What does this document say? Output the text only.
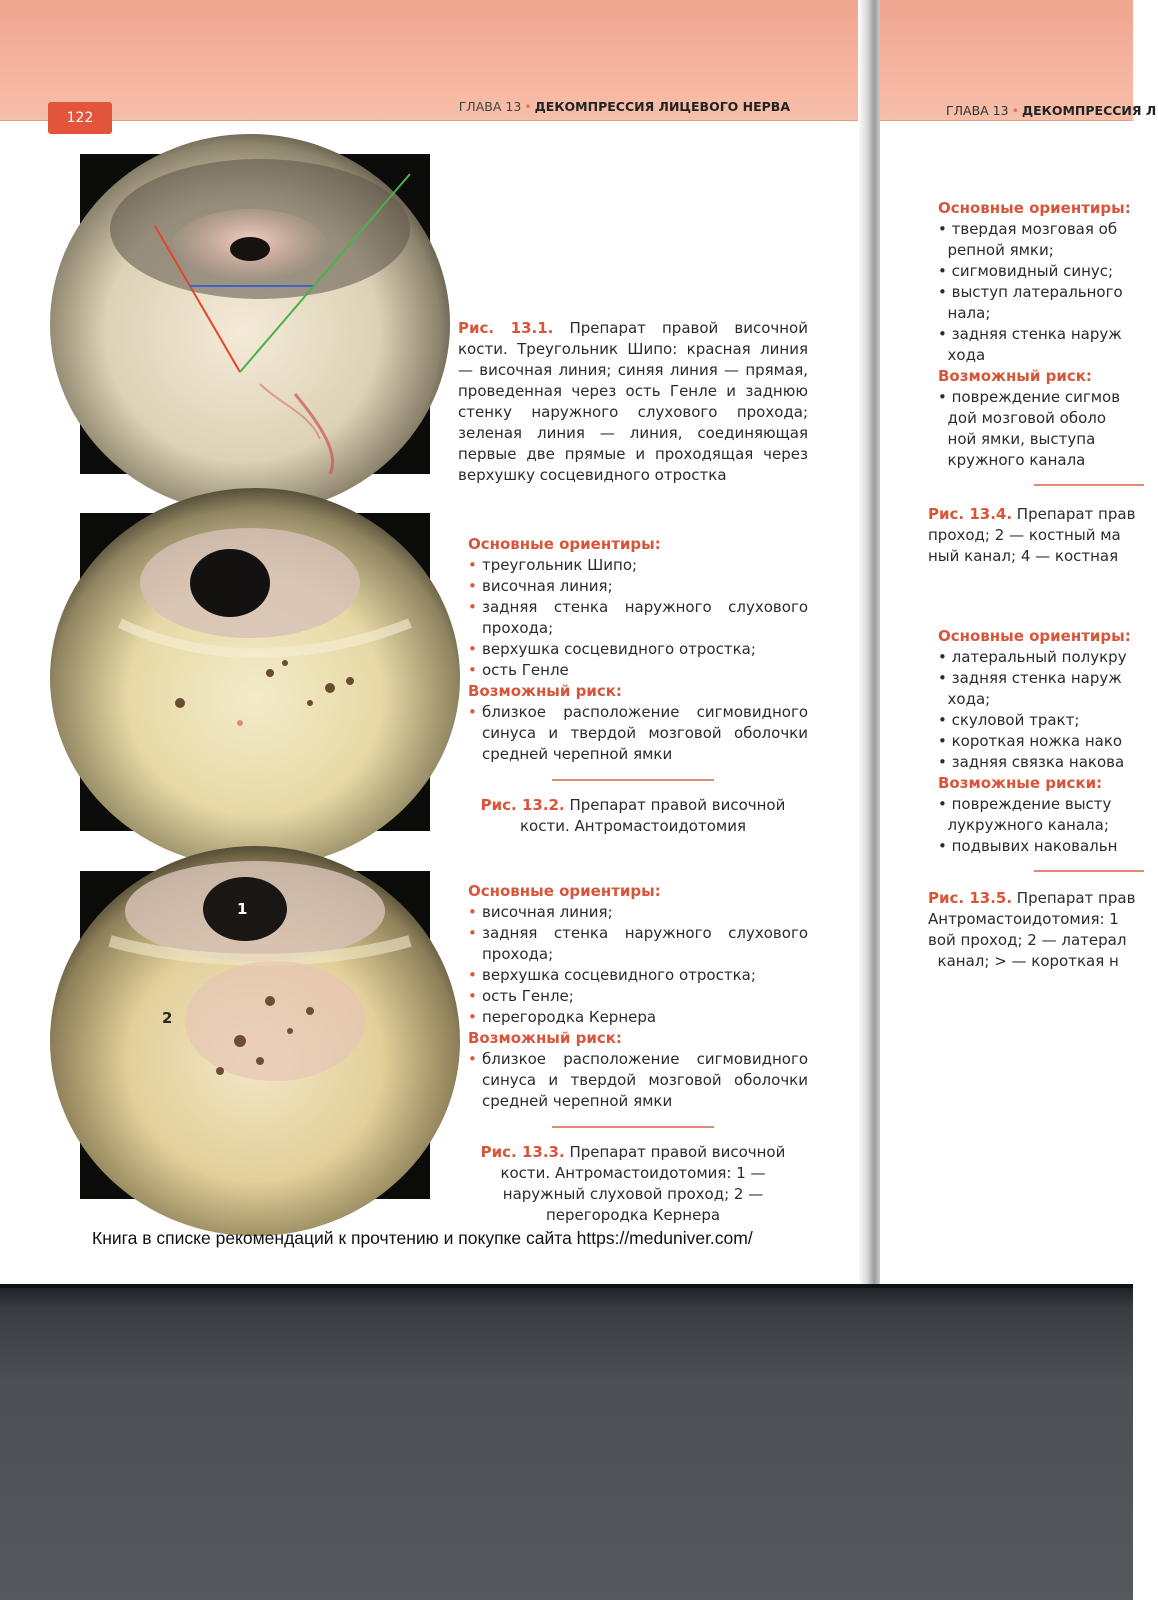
122
ГЛАВА 13 • ДЕКОМПРЕССИЯ ЛИЦЕВОГО НЕРВА
Рис. 13.1. Препарат правой височной кости. Треугольник Шипо: красная линия — височная линия; синяя линия — прямая, проведенная через ость Генле и заднюю стенку наружного слухового прохода; зеленая линия — линия, соединяющая первые две прямые и проходящая через верхушку сосцевидного отростка

Основные ориентиры:

• треугольник Шипо;
• височная линия;
• задняя стенка наружного слухового прохода;
• верхушка сосцевидного отростка;
• ость Генле

Возможный риск:

• близкое расположение сигмовидного синуса и твердой мозговой оболочки средней черепной ямки
Рис. 13.2. Препарат правой височной кости. Антромастоидотомия
1
2

Основные ориентиры:

• височная линия;
• задняя стенка наружного слухового прохода;
• верхушка сосцевидного отростка;
• ость Генле;
• перегородка Кернера

Возможный риск:

• близкое расположение сигмовидного синуса и твердой мозговой оболочки средней черепной ямки
Рис. 13.3. Препарат правой височной кости. Антромастоидотомия: 1 — наружный слуховой проход; 2 — перегородка Кернера
Книга в списке рекомендаций к прочтению и покупке сайта https://meduniver.com/
ГЛАВА 13 • ДЕКОМПРЕССИЯ Л
Основные ориентиры:
• твердая мозговая об
репной ямки;
• сигмовидный синус;
• выступ латерального
нала;
• задняя стенка наруж
хода
Возможный риск:
• повреждение сигмов
дой мозговой оболо
ной ямки, выступа
кружного канала
Рис. 13.4. Препарат прав
проход; 2 — костный ма
ный канал; 4 — костная
Основные ориентиры:
• латеральный полукру
• задняя стенка наруж
хода;
• скуловой тракт;
• короткая ножка нако
• задняя связка накова
Возможные риски:
• повреждение высту
лукружного канала;
• подвывих наковальн
Рис. 13.5. Препарат прав
Антромастоидотомия: 1
вой проход; 2 — латерал
канал; > — короткая н
